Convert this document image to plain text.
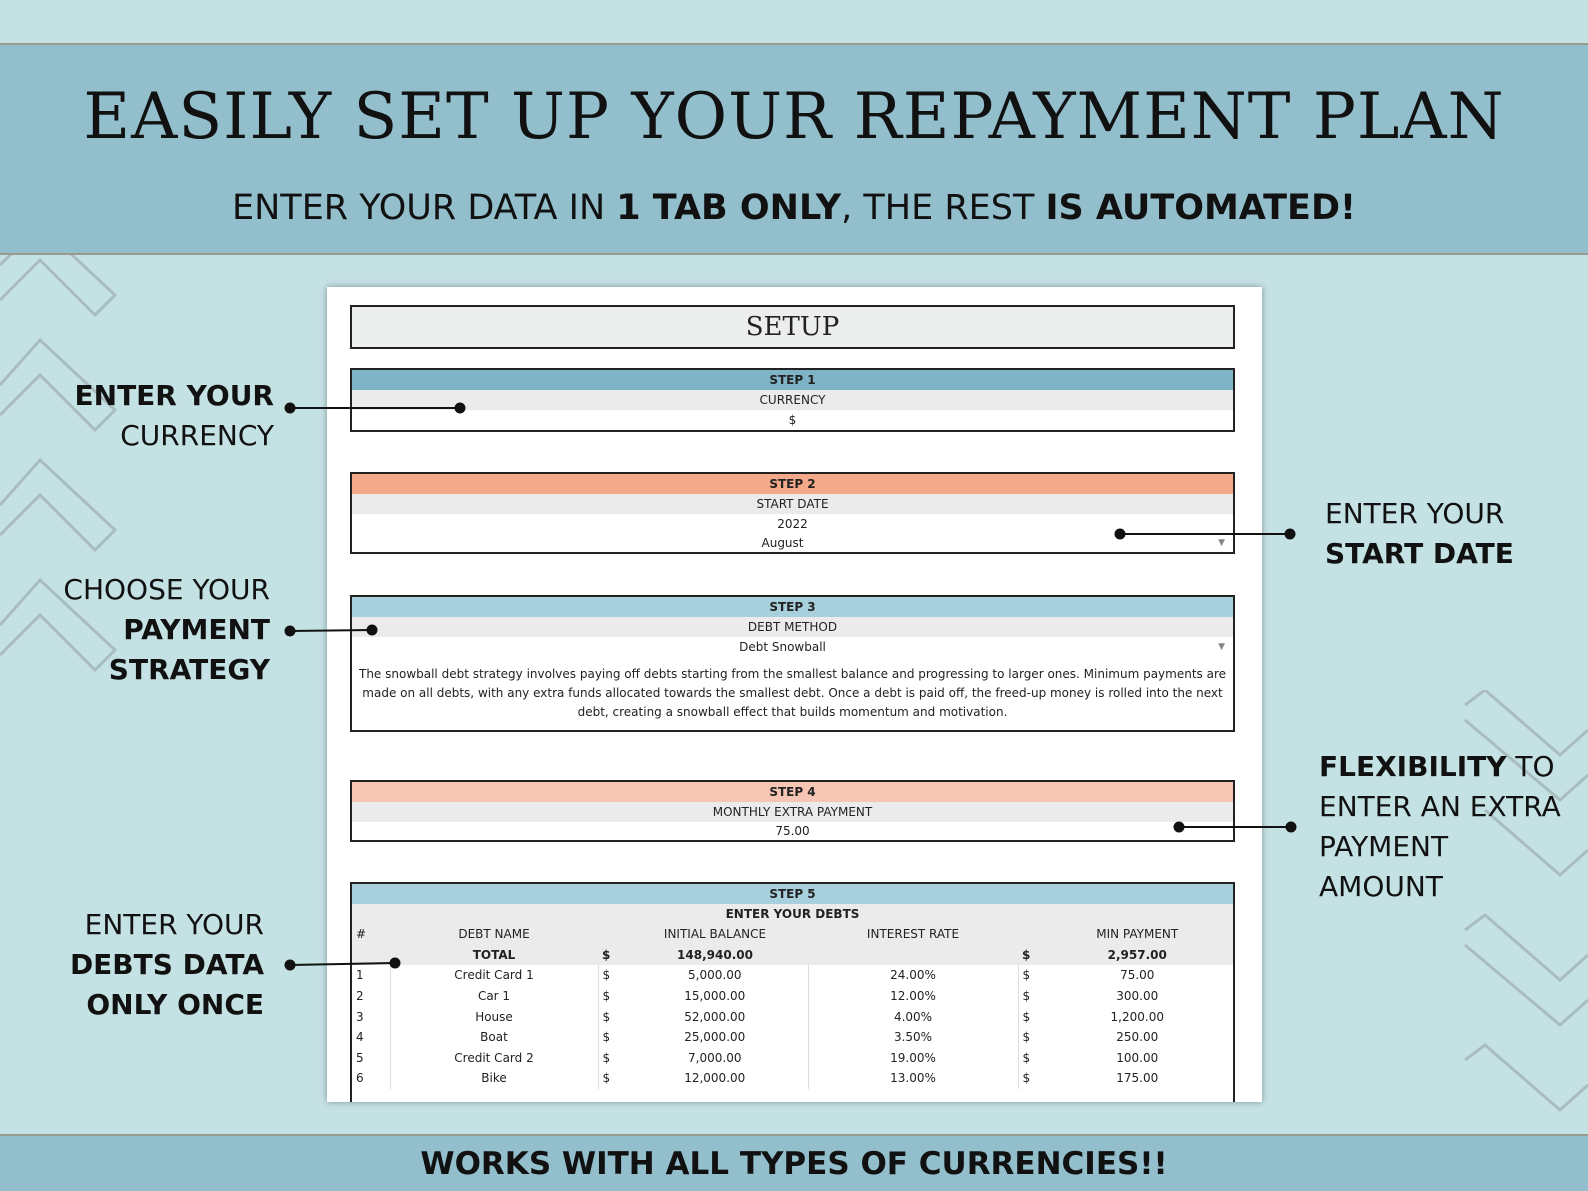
EASILY SET UP YOUR REPAYMENT PLAN
ENTER YOUR DATA IN 1 TAB ONLY, THE REST IS AUTOMATED!
ENTER YOUR
CURRENCY
ENTER YOUR
START DATE
CHOOSE YOUR
PAYMENT
STRATEGY
FLEXIBILITY TO
ENTER AN EXTRA
PAYMENT
AMOUNT
ENTER YOUR
DEBTS DATA
ONLY ONCE
SETUP
STEP 1
CURRENCY
$
STEP 2
START DATE
2022
August	▼
STEP 3
DEBT METHOD
Debt Snowball	▼
The snowball debt strategy involves paying off debts starting from the smallest balance and progressing to larger ones. Minimum payments are made on all debts, with any extra funds allocated towards the smallest debt. Once a debt is paid off, the freed-up money is rolled into the next debt, creating a snowball effect that builds momentum and motivation.
STEP 4
MONTHLY EXTRA PAYMENT
75.00
STEP 5
ENTER YOUR DEBTS
#	DEBT NAME		INITIAL BALANCE	INTEREST RATE		MIN PAYMENT
	TOTAL	$	148,940.00		$	2,957.00
1	Credit Card 1	$	5,000.00	24.00%	$	75.00
2	Car 1	$	15,000.00	12.00%	$	300.00
3	House	$	52,000.00	4.00%	$	1,200.00
4	Boat	$	25,000.00	3.50%	$	250.00
5	Credit Card 2	$	7,000.00	19.00%	$	100.00
6	Bike	$	12,000.00	13.00%	$	175.00
WORKS WITH ALL TYPES OF CURRENCIES!!
